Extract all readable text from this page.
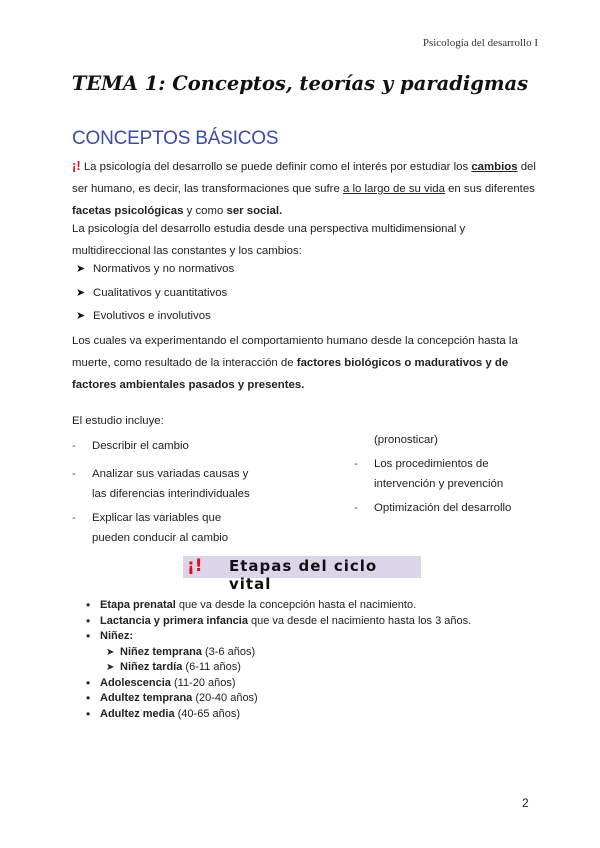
Psicología del desarrollo I
TEMA 1: Conceptos, teorías y paradigmas
CONCEPTOS BÁSICOS
¡! La psicología del desarrollo se puede definir como el interés por estudiar los cambios del ser humano, es decir, las transformaciones que sufre a lo largo de su vida en sus diferentes facetas psicológicas y como ser social.
La psicología del desarrollo estudia desde una perspectiva multidimensional y multidireccional las constantes y los cambios:
➤ Normativos y no normativos
➤ Cualitativos y cuantitativos
➤ Evolutivos e involutivos
Los cuales va experimentando el comportamiento humano desde la concepción hasta la muerte, como resultado de la interacción de factores biológicos o madurativos y de factores ambientales pasados y presentes.
El estudio incluye:
-	Describir el cambio
-	Analizar sus variadas causas y las diferencias interindividuales
-	Explicar las variables que pueden conducir al cambio
(pronosticar)
-	Los procedimientos de intervención y prevención
-	Optimización del desarrollo
¡! Etapas del ciclo vital
• Etapa prenatal que va desde la concepción hasta el nacimiento.
• Lactancia y primera infancia que va desde el nacimiento hasta los 3 años.
• Niñez:
➤ Niñez temprana (3-6 años)
➤ Niñez tardía (6-11 años)
• Adolescencia (11-20 años)
• Adultez temprana (20-40 años)
• Adultez media (40-65 años)
2
